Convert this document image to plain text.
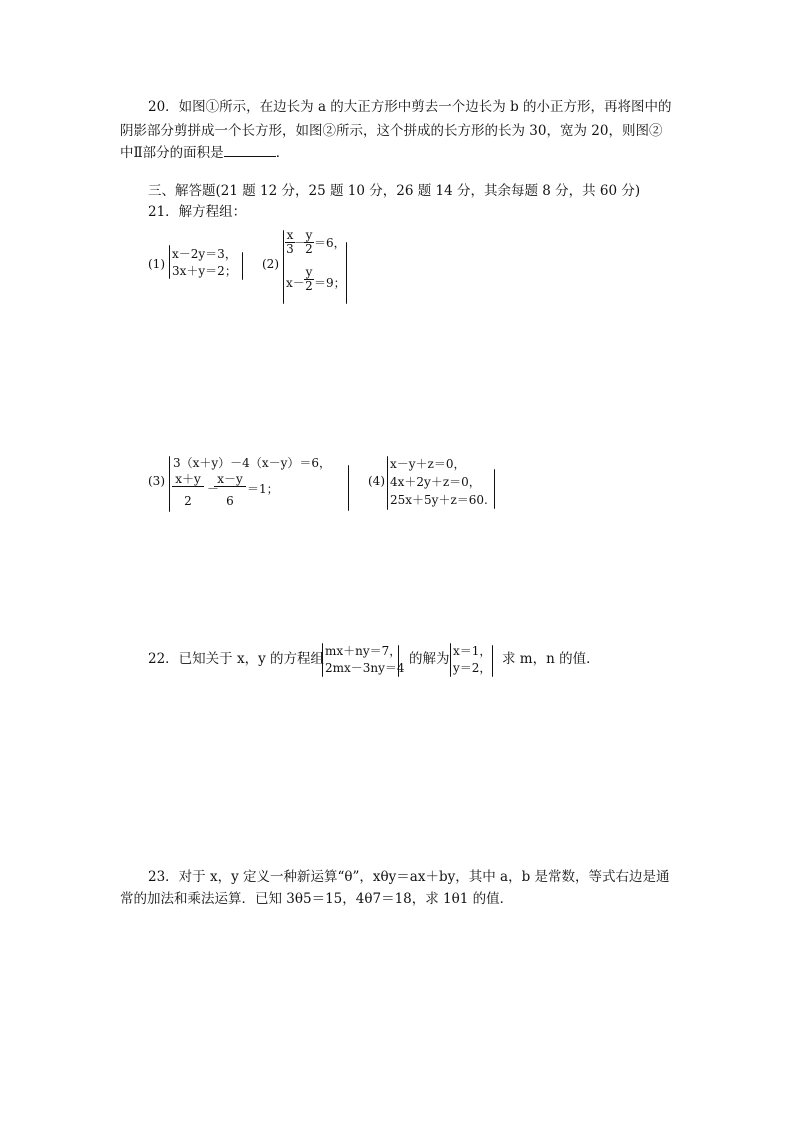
20．如图①所示，在边长为 a 的大正方形中剪去一个边长为 b 的小正方形，再将图中的
阴影部分剪拼成一个长方形，如图②所示，这个拼成的长方形的长为 30，宽为 20，则图②
中Ⅱ部分的面积是	．
三、解答题(21 题 12 分，25 题 10 分，26 题 14 分，其余每题 8 分，共 60 分)
21．解方程组：
(1)
x－2y＝3，
3x＋y＝2； (2)
$\frac{x}{3}$ －
$\frac{y}{2} =6$，
$x- \frac{y}{2} =9$；
(3)
3（x＋y）－4（x－y）＝6，
$\frac{x+y}{2}$ －
$\frac{x-y}{6} =1$；
(4)
x－y＋z＝0，
4x＋2y＋z＝0，
25x＋5y＋z＝60.
22．已知关于 x，y 的方程组 mx＋ny＝7，
2mx－3ny＝4
的解为 x＝1，
y＝2，
求 m，n 的值．
23．对于 x，y 定义一种新运算“θ”，xθy＝ax＋by，其中 a，b 是常数，等式右边是通
常的加法和乘法运算．已知 3θ5＝15，4θ7＝18，求 1θ1 的值．
